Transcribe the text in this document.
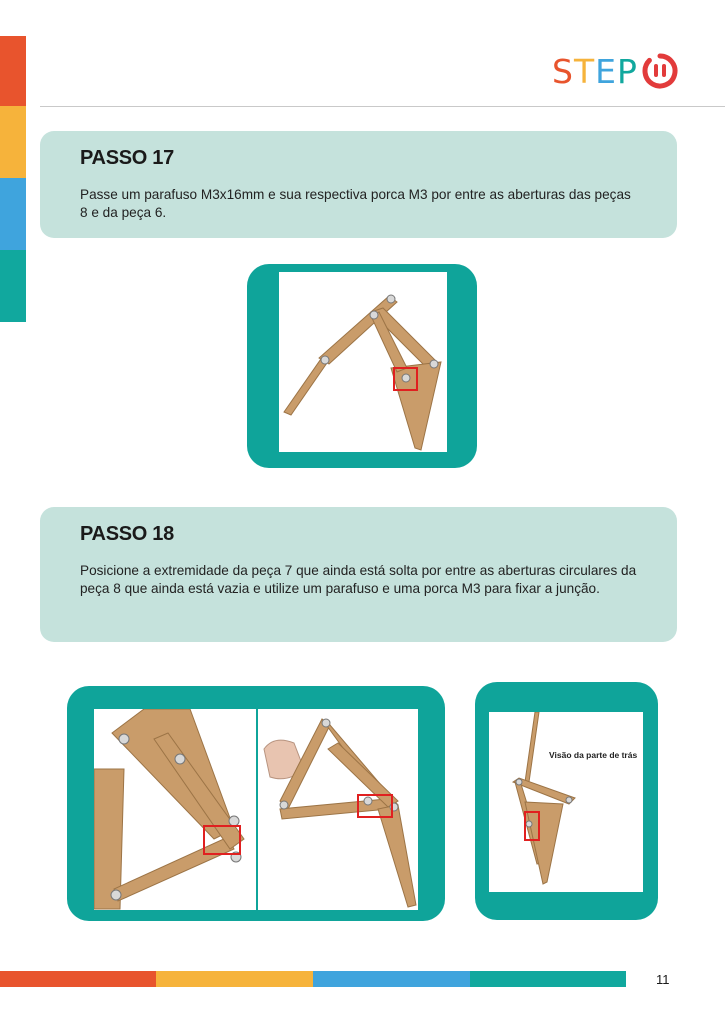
STEP
PASSO 17
Passe um parafuso M3x16mm e sua respectiva porca M3 por entre as aberturas das peças 8 e da peça 6.
PASSO 18
Posicione a extremidade da peça 7 que ainda está solta por entre as aberturas circulares da peça 8 que ainda está vazia e utilize um parafuso e uma porca M3 para fixar a junção.
Visão da parte de trás
11
